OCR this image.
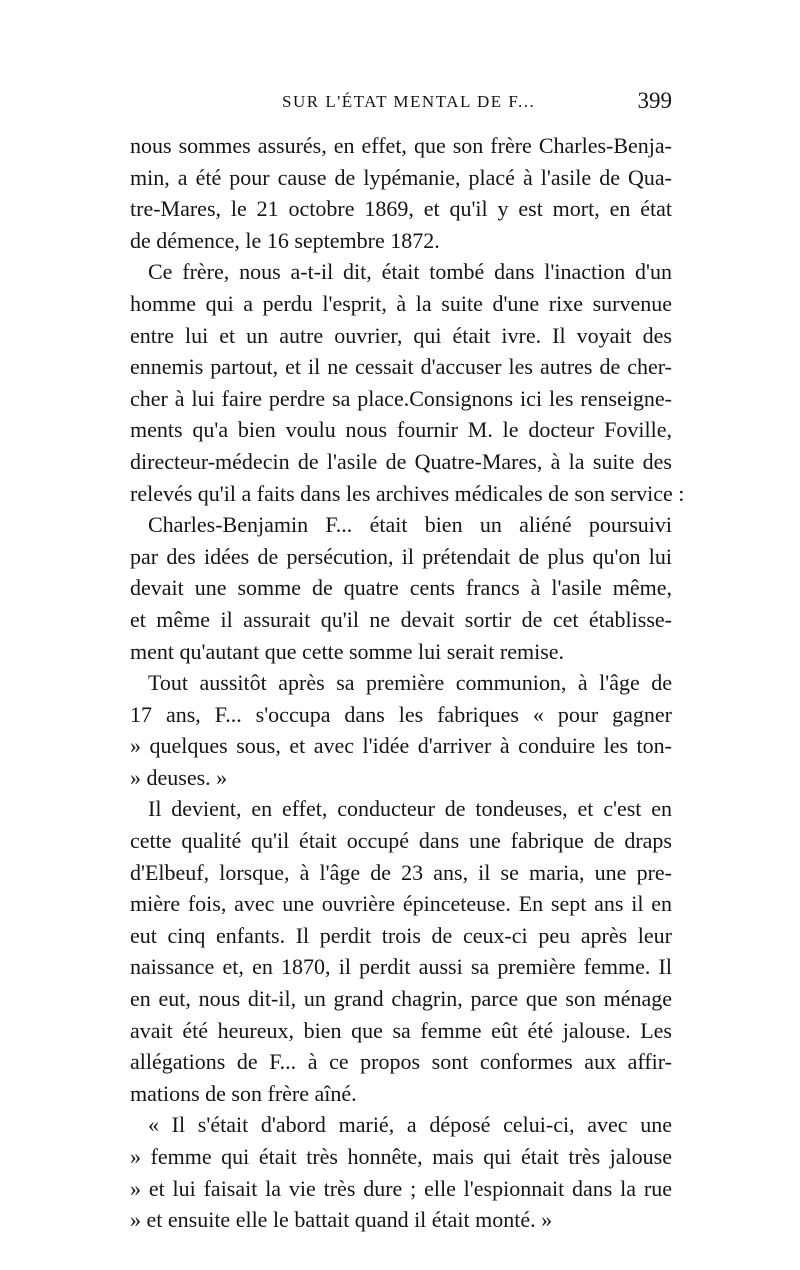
SUR L'ÉTAT MENTAL DE F...	399
nous sommes assurés, en effet, que son frère Charles-Benja-
min, a été pour cause de lypémanie, placé à l'asile de Qua-
tre-Mares, le 21 octobre 1869, et qu'il y est mort, en état
de démence, le 16 septembre 1872.
Ce frère, nous a-t-il dit, était tombé dans l'inaction d'un
homme qui a perdu l'esprit, à la suite d'une rixe survenue
entre lui et un autre ouvrier, qui était ivre. Il voyait des
ennemis partout, et il ne cessait d'accuser les autres de cher-
cher à lui faire perdre sa place.Consignons ici les renseigne-
ments qu'a bien voulu nous fournir M. le docteur Foville,
directeur-médecin de l'asile de Quatre-Mares, à la suite des
relevés qu'il a faits dans les archives médicales de son service :
Charles-Benjamin F... était bien un aliéné poursuivi
par des idées de persécution, il prétendait de plus qu'on lui
devait une somme de quatre cents francs à l'asile même,
et même il assurait qu'il ne devait sortir de cet établisse-
ment qu'autant que cette somme lui serait remise.
Tout aussitôt après sa première communion, à l'âge de
17 ans, F... s'occupa dans les fabriques « pour gagner
» quelques sous, et avec l'idée d'arriver à conduire les ton-
» deuses. »
Il devient, en effet, conducteur de tondeuses, et c'est en
cette qualité qu'il était occupé dans une fabrique de draps
d'Elbeuf, lorsque, à l'âge de 23 ans, il se maria, une pre-
mière fois, avec une ouvrière épinceteuse. En sept ans il en
eut cinq enfants. Il perdit trois de ceux-ci peu après leur
naissance et, en 1870, il perdit aussi sa première femme. Il
en eut, nous dit-il, un grand chagrin, parce que son ménage
avait été heureux, bien que sa femme eût été jalouse. Les
allégations de F... à ce propos sont conformes aux affir-
mations de son frère aîné.
« Il s'était d'abord marié, a déposé celui-ci, avec une
» femme qui était très honnête, mais qui était très jalouse
» et lui faisait la vie très dure ; elle l'espionnait dans la rue
» et ensuite elle le battait quand il était monté. »
